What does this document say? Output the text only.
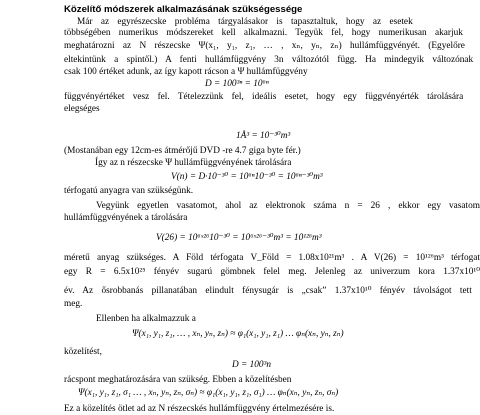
Közelítő módszerek alkalmazásának szükségessége
Már az egyrészecske probléma tárgyalásakor is tapasztaltuk, hogy az esetek
többségében numerikus módszereket kell alkalmazni. Tegyük fel, hogy numerikusan akarjuk
meghatározni az N részecske Ψ(x₁, y₁, z₁, … , xₙ, yₙ, zₙ) hullámfüggvényét. (Egyelőre
eltekintünk a spintől.) A fenti hullámfüggvény 3n változótól függ. Ha mindegyik változónak
csak 100 értéket adunk, az így kapott rácson a Ψ hullámfüggvény
D = 100³ⁿ = 10⁶ⁿ
függvényértéket vesz fel. Tételezzünk fel, ideális esetet, hogy egy függvényérték tárolására
elegséges
1Å³ = 10⁻³⁰m³
(Mostanában egy 12cm-es átmérőjű DVD -re 4.7 giga byte fér.)
Így az n részecske Ψ hullámfüggvényének tárolására
V(n) = D·10⁻³⁰ = 10⁶ⁿ10⁻³⁰ = 10⁶ⁿ⁻³⁰m³
térfogatú anyagra van szükségünk.
Vegyünk egyetlen vasatomot, ahol az elektronok száma n = 26 , ekkor egy vasatom
hullámfüggvényének a tárolására
V(26) = 10⁶ˣ²⁶10⁻³⁰ = 10⁶ˣ²⁶⁻³⁰m³ = 10¹²⁶m³
méretű anyag szükséges. A Föld térfogata V_Föld = 1.08x10²¹m³ . A V(26) = 10¹²⁶m³ térfogat
egy R = 6.5x10²⁵ fényév sugarú gömbnek felel meg. Jelenleg az univerzum kora 1.37x10¹⁰
év. Az ősrobbanás pillanatában elindult fénysugár is „csak” 1.37x10¹⁰ fényév távolságot tett
meg.
Ellenben ha alkalmazzuk a
Ψ(x₁, y₁, z₁, … , xₙ, yₙ, zₙ) ≈ φ₁(x₁, y₁, z₁) … φₙ(xₙ, yₙ, zₙ)
közelítést,
D = 100³n
rácspont meghatározására van szükség. Ebben a közelítésben
Ψ(x₁, y₁, z₁, σ₁ … , xₙ, yₙ, zₙ, σₙ) ≈ φ₁(x₁, y₁, z₁, σ₁) … φₙ(xₙ, yₙ, zₙ, σₙ)
Ez a közelítés ötlet ad az N részecskés hullámfüggvény értelmezésére is.
